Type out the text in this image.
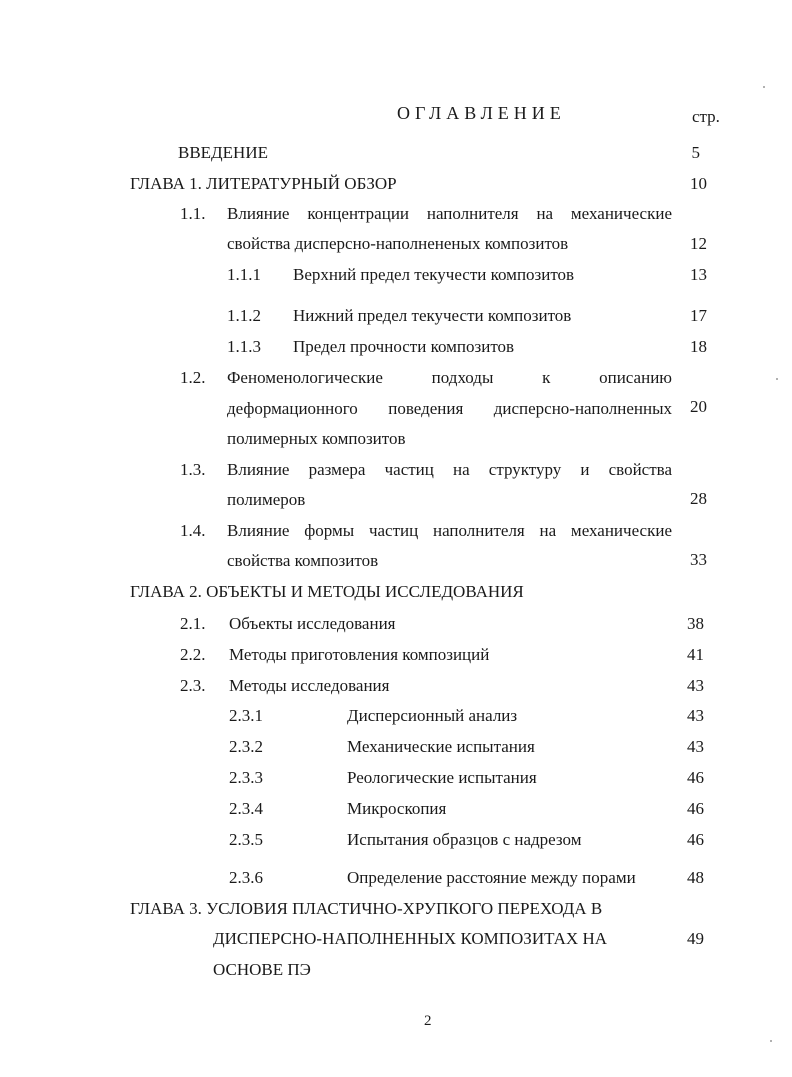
ОГЛАВЛЕНИЕ	стр.
ВВЕДЕНИЕ	5
ГЛАВА 1. ЛИТЕРАТУРНЫЙ ОБЗОР	10
1.1. Влияние концентрации наполнителя на механические
свойства дисперсно-наполнененых композитов	12
1.1.1 Верхний предел текучести композитов	13
1.1.2 Нижний предел текучести композитов	17
1.1.3 Предел прочности композитов	18
1.2. Феноменологические подходы к описанию
деформационного поведения дисперсно-наполненных	20
полимерных композитов
1.3. Влияние размера частиц на структуру и свойства
полимеров	28
1.4. Влияние формы частиц наполнителя на механические
свойства композитов	33
ГЛАВА 2. ОБЪЕКТЫ И МЕТОДЫ ИССЛЕДОВАНИЯ
2.1. Объекты исследования	38
2.2. Методы приготовления композиций	41
2.3. Методы исследования	43
2.3.1	Дисперсионный анализ	43
2.3.2	Механические испытания	43
2.3.3	Реологические испытания	46
2.3.4	Микроскопия	46
2.3.5	Испытания образцов с надрезом	46
2.3.6	Определение расстояние между порами	48
ГЛАВА 3. УСЛОВИЯ ПЛАСТИЧНО-ХРУПКОГО ПЕРЕХОДА В
ДИСПЕРСНО-НАПОЛНЕННЫХ КОМПОЗИТАХ НА	49
ОСНОВЕ ПЭ
2
